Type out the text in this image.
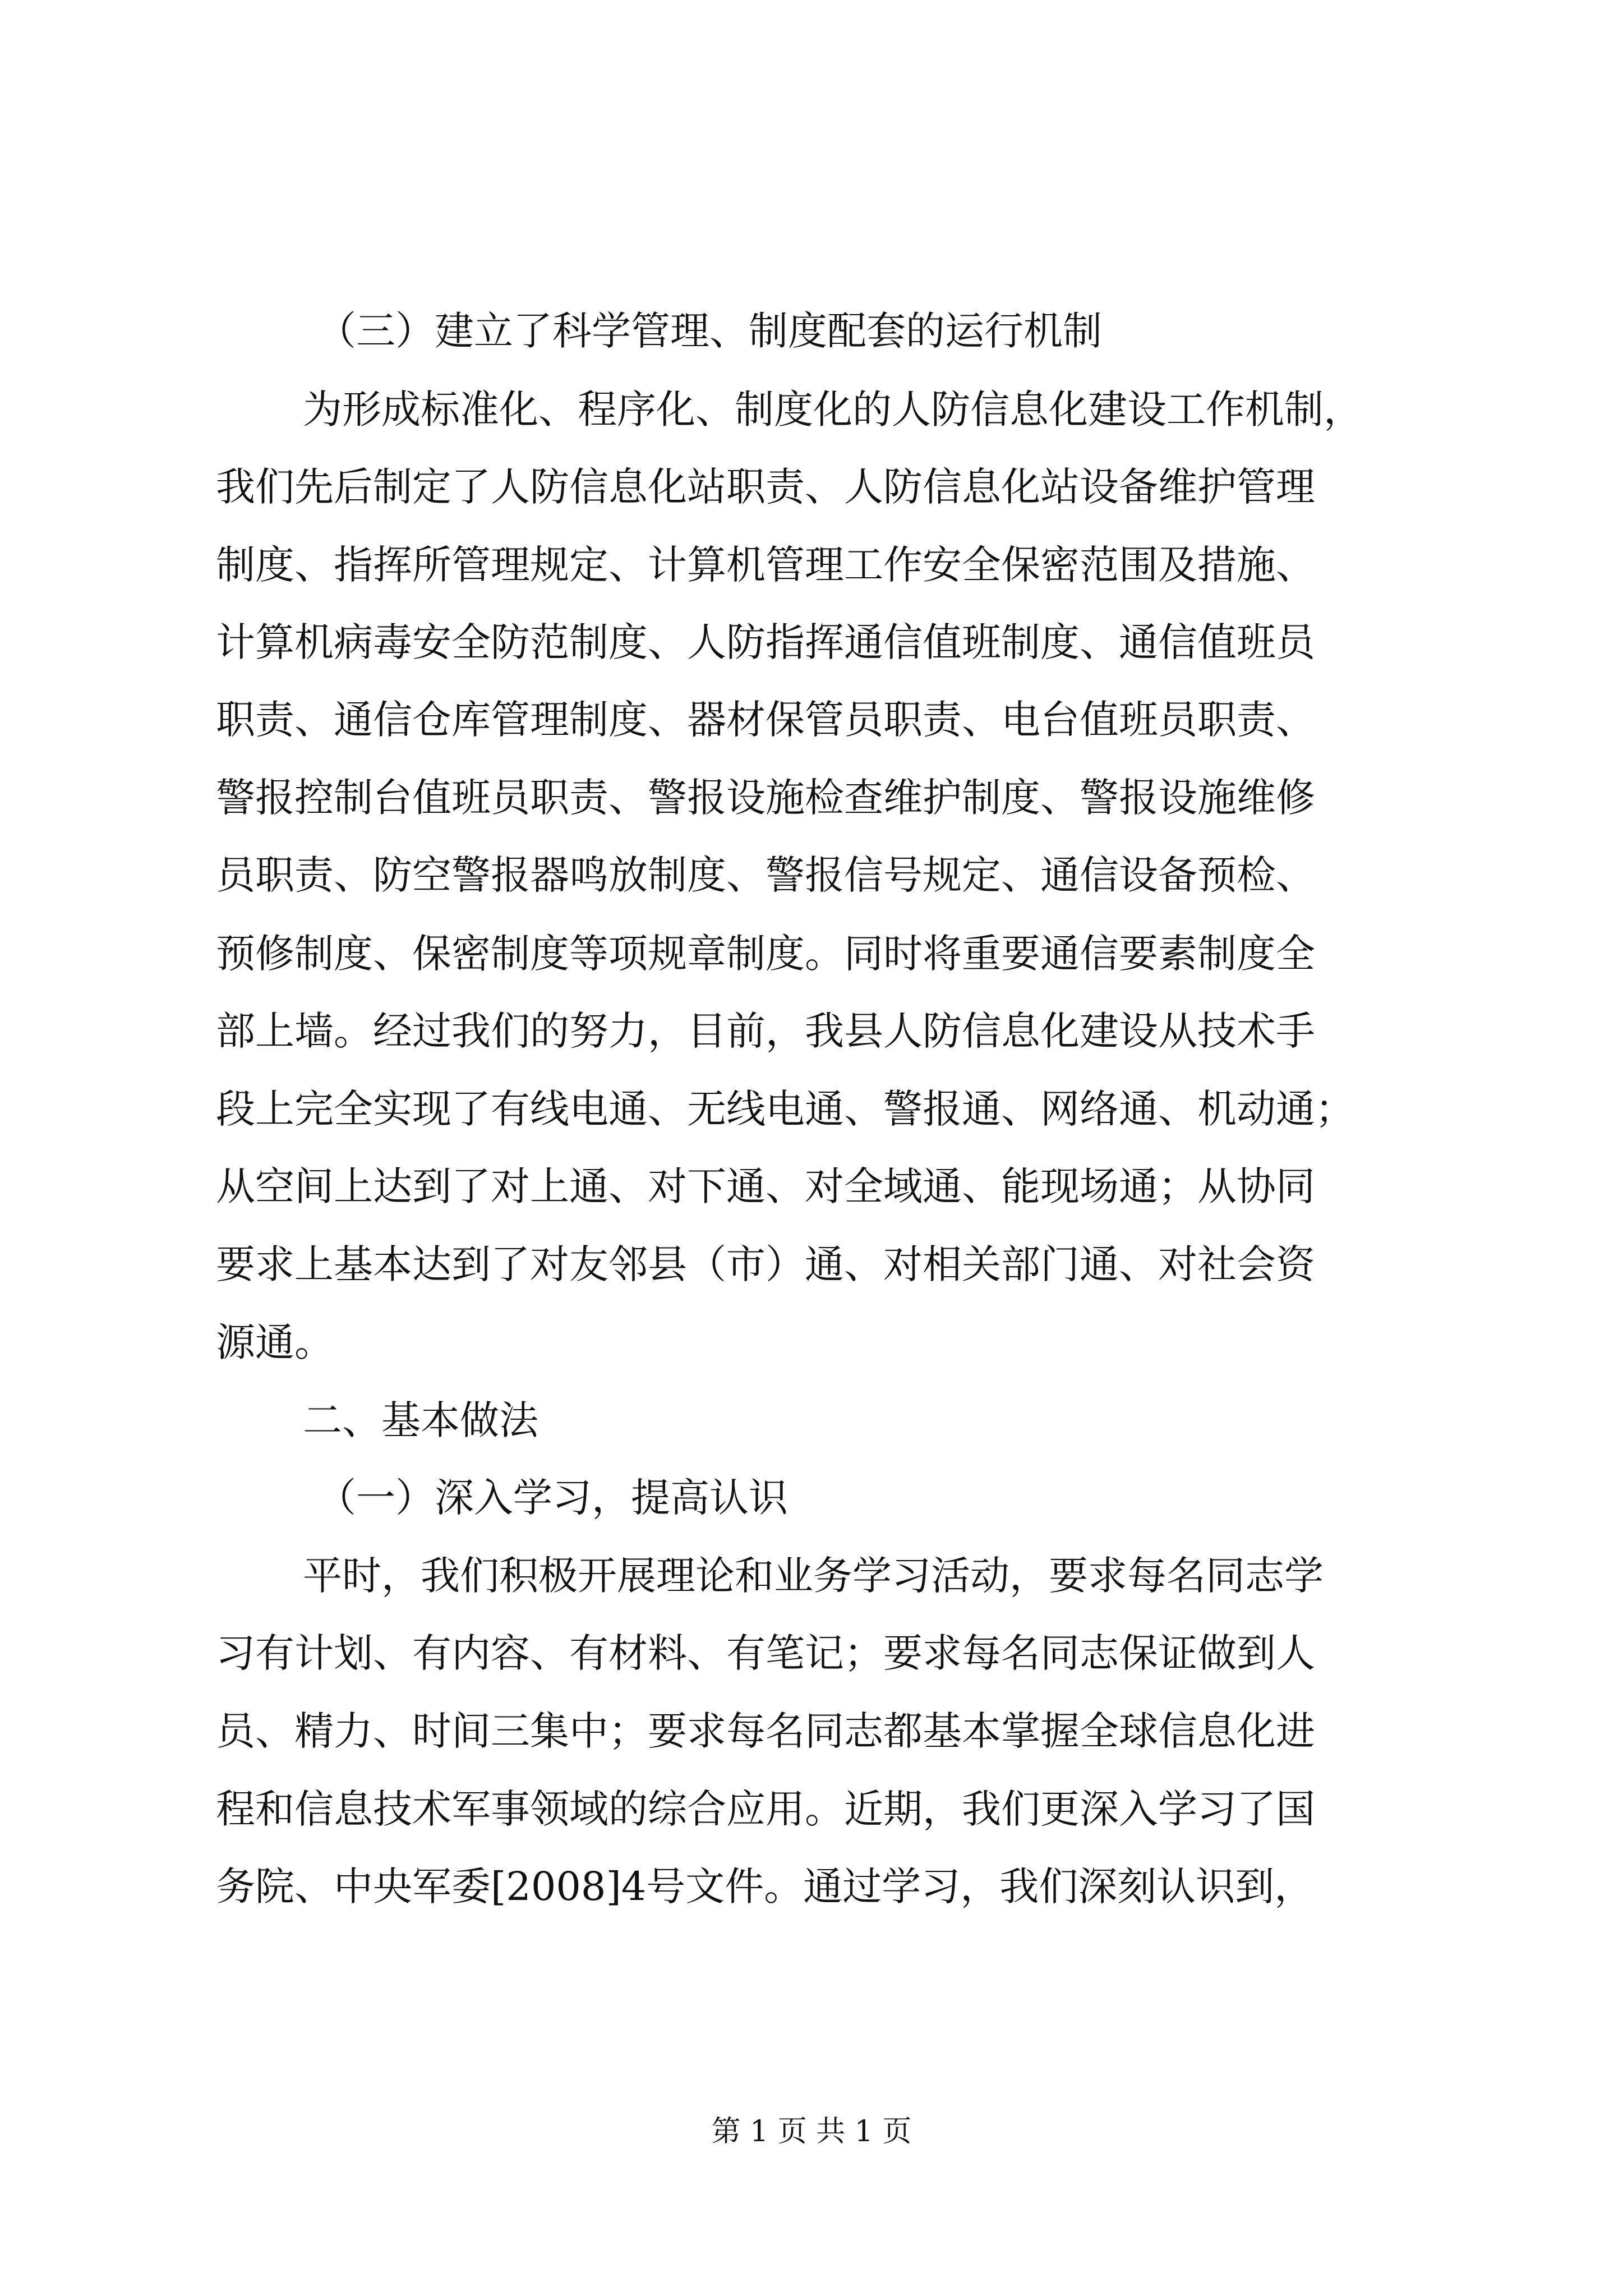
（三）建立了科学管理、制度配套的运行机制
为形成标准化、程序化、制度化的人防信息化建设工作机制，
我们先后制定了人防信息化站职责、人防信息化站设备维护管理
制度、指挥所管理规定、计算机管理工作安全保密范围及措施、
计算机病毒安全防范制度、人防指挥通信值班制度、通信值班员
职责、通信仓库管理制度、器材保管员职责、电台值班员职责、
警报控制台值班员职责、警报设施检查维护制度、警报设施维修
员职责、防空警报器鸣放制度、警报信号规定、通信设备预检、
预修制度、保密制度等项规章制度。同时将重要通信要素制度全
部上墙。经过我们的努力，目前，我县人防信息化建设从技术手
段上完全实现了有线电通、无线电通、警报通、网络通、机动通；
从空间上达到了对上通、对下通、对全域通、能现场通；从协同
要求上基本达到了对友邻县（市）通、对相关部门通、对社会资
源通。
二、基本做法
（一）深入学习，提高认识
平时，我们积极开展理论和业务学习活动，要求每名同志学
习有计划、有内容、有材料、有笔记；要求每名同志保证做到人
员、精力、时间三集中；要求每名同志都基本掌握全球信息化进
程和信息技术军事领域的综合应用。近期，我们更深入学习了国
务院、中央军委[2008]4号文件。通过学习，我们深刻认识到，
第 1 页 共 1 页
